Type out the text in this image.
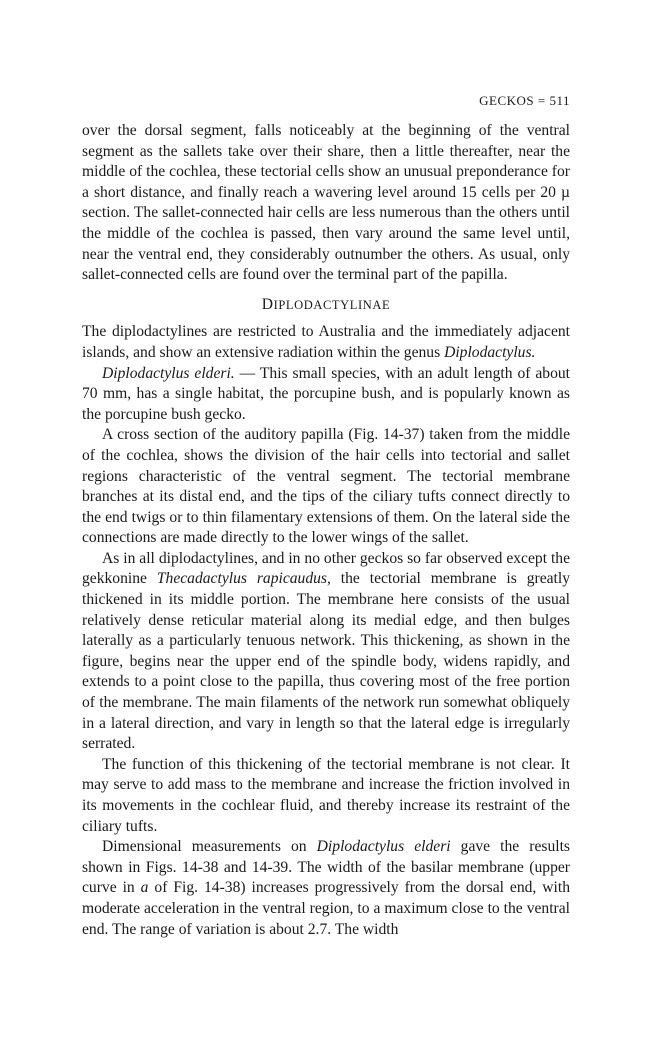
GECKOS = 511

over the dorsal segment, falls noticeably at the beginning of the ventral segment as the sallets take over their share, then a little thereafter, near the middle of the cochlea, these tectorial cells show an unusual preponderance for a short distance, and finally reach a wavering level around 15 cells per 20 µ section. The sallet-connected hair cells are less numerous than the others until the middle of the cochlea is passed, then vary around the same level until, near the ventral end, they considerably outnumber the others. As usual, only sallet-connected cells are found over the terminal part of the papilla.

DIPLODACTYLINAE

The diplodactylines are restricted to Australia and the immediately adjacent islands, and show an extensive radiation within the genus Diplodactylus.

Diplodactylus elderi. — This small species, with an adult length of about 70 mm, has a single habitat, the porcupine bush, and is popularly known as the porcupine bush gecko.

A cross section of the auditory papilla (Fig. 14-37) taken from the middle of the cochlea, shows the division of the hair cells into tectorial and sallet regions characteristic of the ventral segment. The tectorial membrane branches at its distal end, and the tips of the ciliary tufts connect directly to the end twigs or to thin filamentary extensions of them. On the lateral side the connections are made directly to the lower wings of the sallet.

As in all diplodactylines, and in no other geckos so far observed except the gekkonine Thecadactylus rapicaudus, the tectorial membrane is greatly thickened in its middle portion. The membrane here consists of the usual relatively dense reticular material along its medial edge, and then bulges laterally as a particularly tenuous network. This thickening, as shown in the figure, begins near the upper end of the spindle body, widens rapidly, and extends to a point close to the papilla, thus covering most of the free portion of the membrane. The main filaments of the network run somewhat obliquely in a lateral direction, and vary in length so that the lateral edge is irregularly serrated.

The function of this thickening of the tectorial membrane is not clear. It may serve to add mass to the membrane and increase the friction involved in its movements in the cochlear fluid, and thereby increase its restraint of the ciliary tufts.

Dimensional measurements on Diplodactylus elderi gave the results shown in Figs. 14-38 and 14-39. The width of the basilar membrane (upper curve in a of Fig. 14-38) increases progressively from the dorsal end, with moderate acceleration in the ventral region, to a maximum close to the ventral end. The range of variation is about 2.7. The width
